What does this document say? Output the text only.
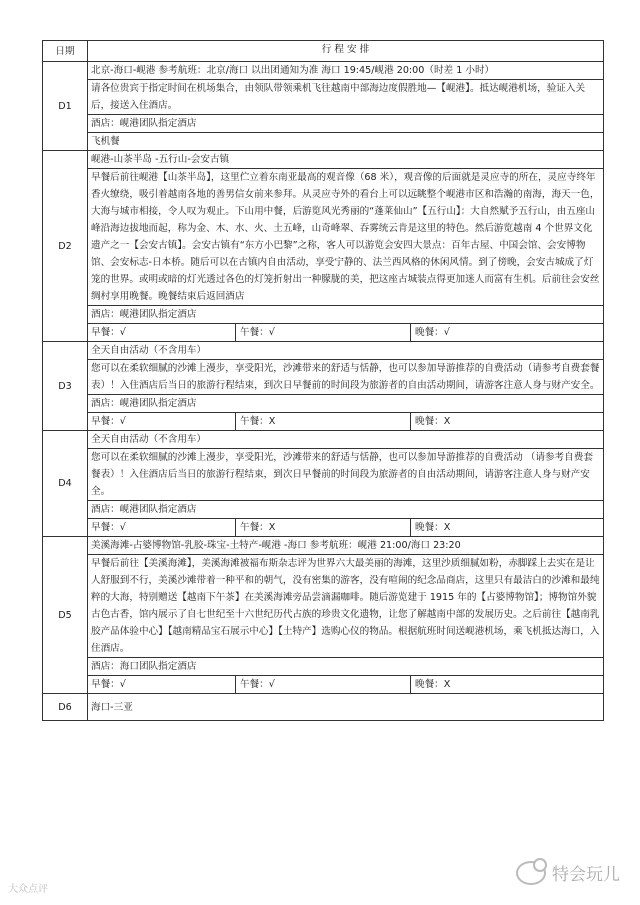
日期	行 程 安 排
D1	北京-海口-岘港 参考航班：北京/海口 以出团通知为准 海口 19:45/岘港 20:00（时差 1 小时）
	请各位贵宾于指定时间在机场集合，由领队带领乘机飞往越南中部海边度假胜地—【岘港】。抵达岘港机场，验证入关后，接送入住酒店。
	酒店：岘港团队指定酒店
	飞机餐
D2	岘港-山茶半岛 -五行山-会安古镇
	早餐后前往岘港【山茶半岛】，这里伫立着东南亚最高的观音像（68 米），观音像的后面就是灵应寺的所在，灵应寺终年香火缭绕，吸引着越南各地的善男信女前来参拜。从灵应寺外的看台上可以远眺整个岘港市区和浩瀚的南海，海天一色，大海与城市相接，令人叹为观止。下山用中餐，后游览风光秀丽的“蓬莱仙山”【五行山】：大自然赋予五行山，由五座山峰沿海边拔地而起，称为金、木、水、火、土五峰，山奇峰翠、吞雾统云肯是这里的特色。然后游览越南 4 个世界文化遗产之一【会安古镇】。会安古镇有“东方小巴黎”之称，客人可以游览会安四大景点：百年古屋、中国会馆、会安博物馆、会安标志-日本桥。随后可以在古镇内自由活动，享受宁静的、法兰西风格的休闲风情。到了傍晚，会安古城成了灯笼的世界。或明或暗的灯光透过各色的灯笼折射出一种朦胧的美，把这座古城装点得更加迷人而富有生机。后前往会安丝绸村享用晚餐。晚餐结束后返回酒店
	酒店：岘港团队指定酒店

	早餐：√ 午餐：√ 晚餐：√

D3	全天自由活动（不含用车）
	您可以在柔软细腻的沙滩上漫步，享受阳光，沙滩带来的舒适与恬静，也可以参加导游推荐的自费活动（请参考自费套餐表）！入住酒店后当日的旅游行程结束，到次日早餐前的时间段为旅游者的自由活动期间，请游客注意人身与财产安全。
	酒店：岘港团队指定酒店

	早餐：√ 午餐：X 晚餐：X

D4	全天自由活动（不含用车）
	您可以在柔软细腻的沙滩上漫步，享受阳光，沙滩带来的舒适与恬静，也可以参加导游推荐的自费活动 （请参考自费套餐表）！入住酒店后当日的旅游行程结束，到次日早餐前的时间段为旅游者的自由活动期间，请游客注意人身与财产安全。
	酒店：岘港团队指定酒店

	早餐：√ 午餐：X 晚餐：X

D5	美溪海滩-占婆博物馆-乳胶-珠宝-土特产-岘港 -海口 参考航班：岘港 21:00/海口 23:20
	早餐后前往【美溪海滩】，美溪海滩被福布斯杂志评为世界六大最美丽的海滩，这里沙质细腻如粉，赤脚踩上去实在是让人舒服到不行，美溪沙滩带着一种平和的朝气，没有密集的游客，没有喧闹的纪念品商店，这里只有最洁白的沙滩和最纯粹的大海，特别赠送【越南下午茶】在美溪海滩旁品尝滴漏咖啡。随后游览建于 1915 年的【占婆博物馆】；博物馆外貌古色古香，馆内展示了自七世纪至十六世纪历代占族的珍贵文化遗物，让您了解越南中部的发展历史。之后前往【越南乳胶产品体验中心】【越南精品宝石展示中心】【土特产】选购心仪的物品。根据航班时间送岘港机场，乘飞机抵达海口，入住酒店。
	酒店：海口团队指定酒店

	早餐：√ 午餐：√ 晚餐：X

D6	海口-三亚
大众点评
特会玩儿
